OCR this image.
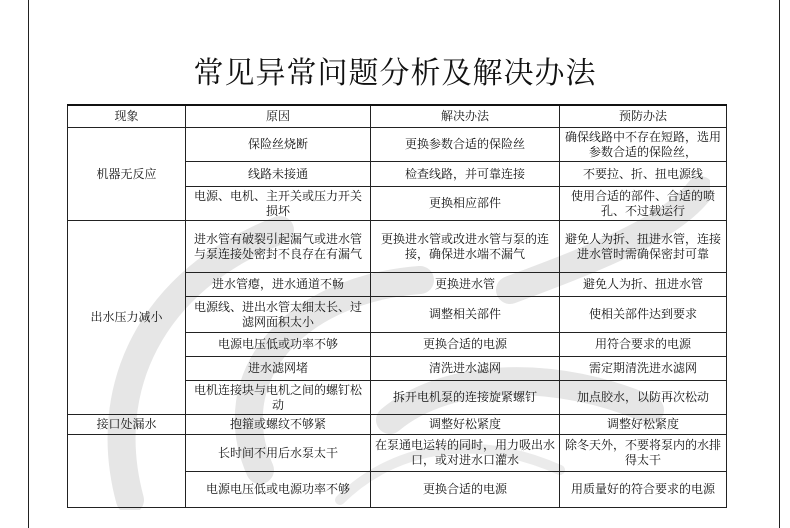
常见异常问题分析及解决办法
现象	原因	解决办法	预防办法
机器无反应	保险丝烧断	更换参数合适的保险丝	确保线路中不存在短路，选用参数合适的保险丝，
	线路未接通	检查线路，并可靠连接	不要拉、折、扭电源线
	电源、电机、主开关或压力开关损坏	更换相应部件	使用合适的部件、合适的喷孔、不过载运行
出水压力减小	进水管有破裂引起漏气或进水管与泵连接处密封不良存在有漏气	更换进水管或改进水管与泵的连接，确保进水端不漏气	避免人为折、扭进水管，连接进水管时需确保密封可靠
	进水管瘪，进水通道不畅	更换进水管	避免人为折、扭进水管
	电源线、进出水管太细太长、过滤网面积太小	调整相关部件	使相关部件达到要求
	电源电压低或功率不够	更换合适的电源	用符合要求的电源
	进水滤网堵	清洗进水滤网	需定期清洗进水滤网
	电机连接块与电机之间的螺钉松动	拆开电机泵的连接旋紧螺钉	加点胶水，以防再次松动
接口处漏水	抱箍或螺纹不够紧	调整好松紧度	调整好松紧度
	长时间不用后水泵太干	在泵通电运转的同时，用力吸出水口，或对进水口灌水	除冬天外，不要将泵内的水排得太干
	电源电压低或电源功率不够	更换合适的电源	用质量好的符合要求的电源
